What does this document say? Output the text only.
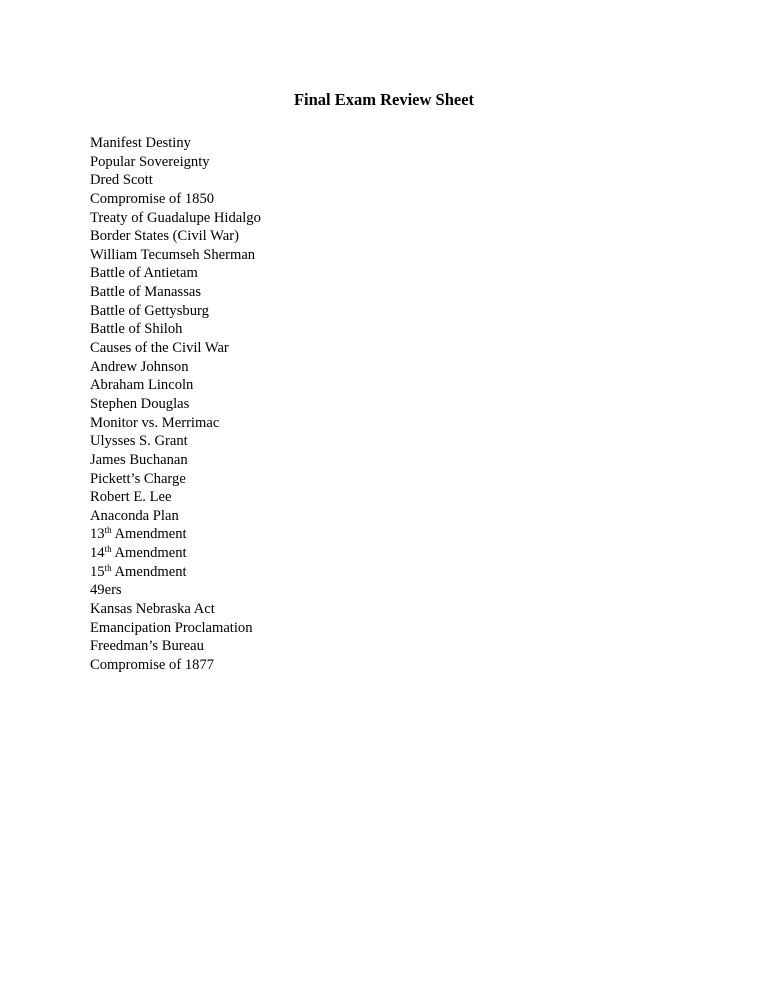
Final Exam Review Sheet
Manifest Destiny
Popular Sovereignty
Dred Scott
Compromise of 1850
Treaty of Guadalupe Hidalgo
Border States (Civil War)
William Tecumseh Sherman
Battle of Antietam
Battle of Manassas
Battle of Gettysburg
Battle of Shiloh
Causes of the Civil War
Andrew Johnson
Abraham Lincoln
Stephen Douglas
Monitor vs. Merrimac
Ulysses S. Grant
James Buchanan
Pickett’s Charge
Robert E. Lee
Anaconda Plan
13th Amendment
14th Amendment
15th Amendment
49ers
Kansas Nebraska Act
Emancipation Proclamation
Freedman’s Bureau
Compromise of 1877
